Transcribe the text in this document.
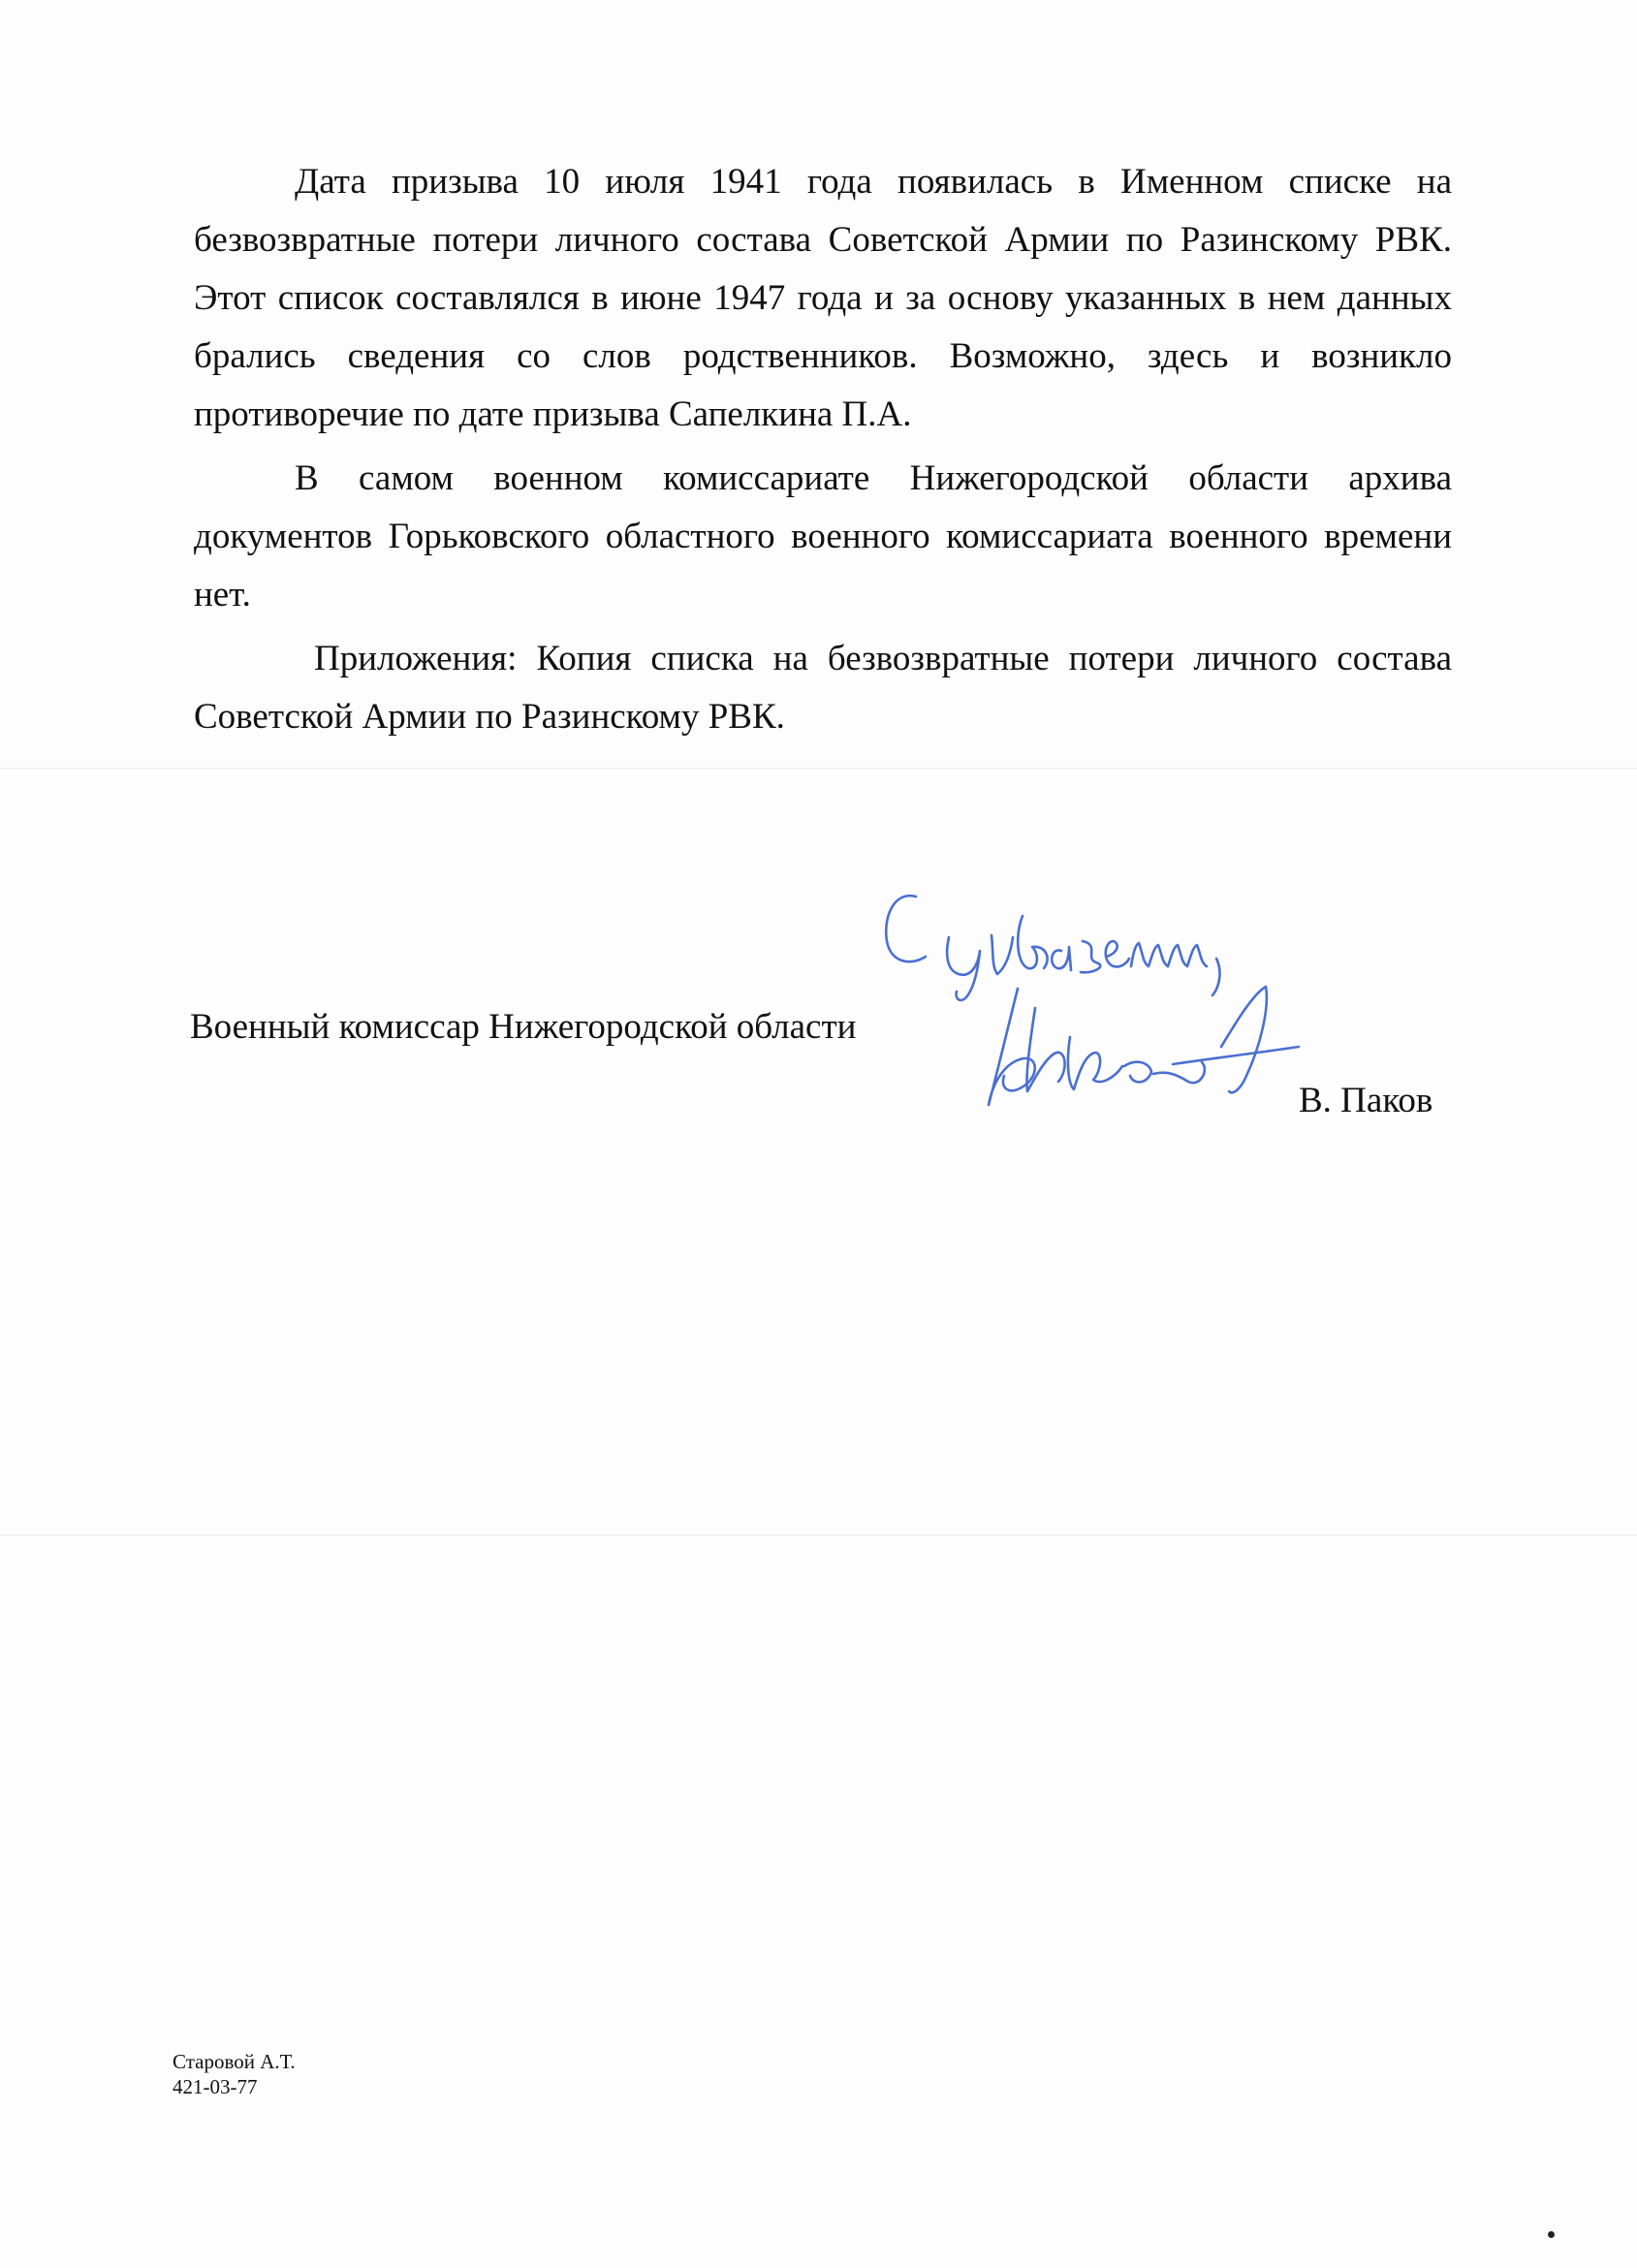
Дата призыва 10 июля 1941 года появилась в Именном списке на безвозвратные потери личного состава Советской Армии по Разинскому РВК. Этот список составлялся в июне 1947 года и за основу указанных в нем данных брались сведения со слов родственников. Возможно, здесь и возникло противоречие по дате призыва Сапелкина П.А.

В самом военном комиссариате Нижегородской области архива документов Горьковского областного военного комиссариата военного времени нет.

Приложения: Копия списка на безвозвратные потери личного состава Советской Армии по Разинскому РВК.

Военный комиссар Нижегородской области
В. Паков
Старовой А.Т.
421-03-77
